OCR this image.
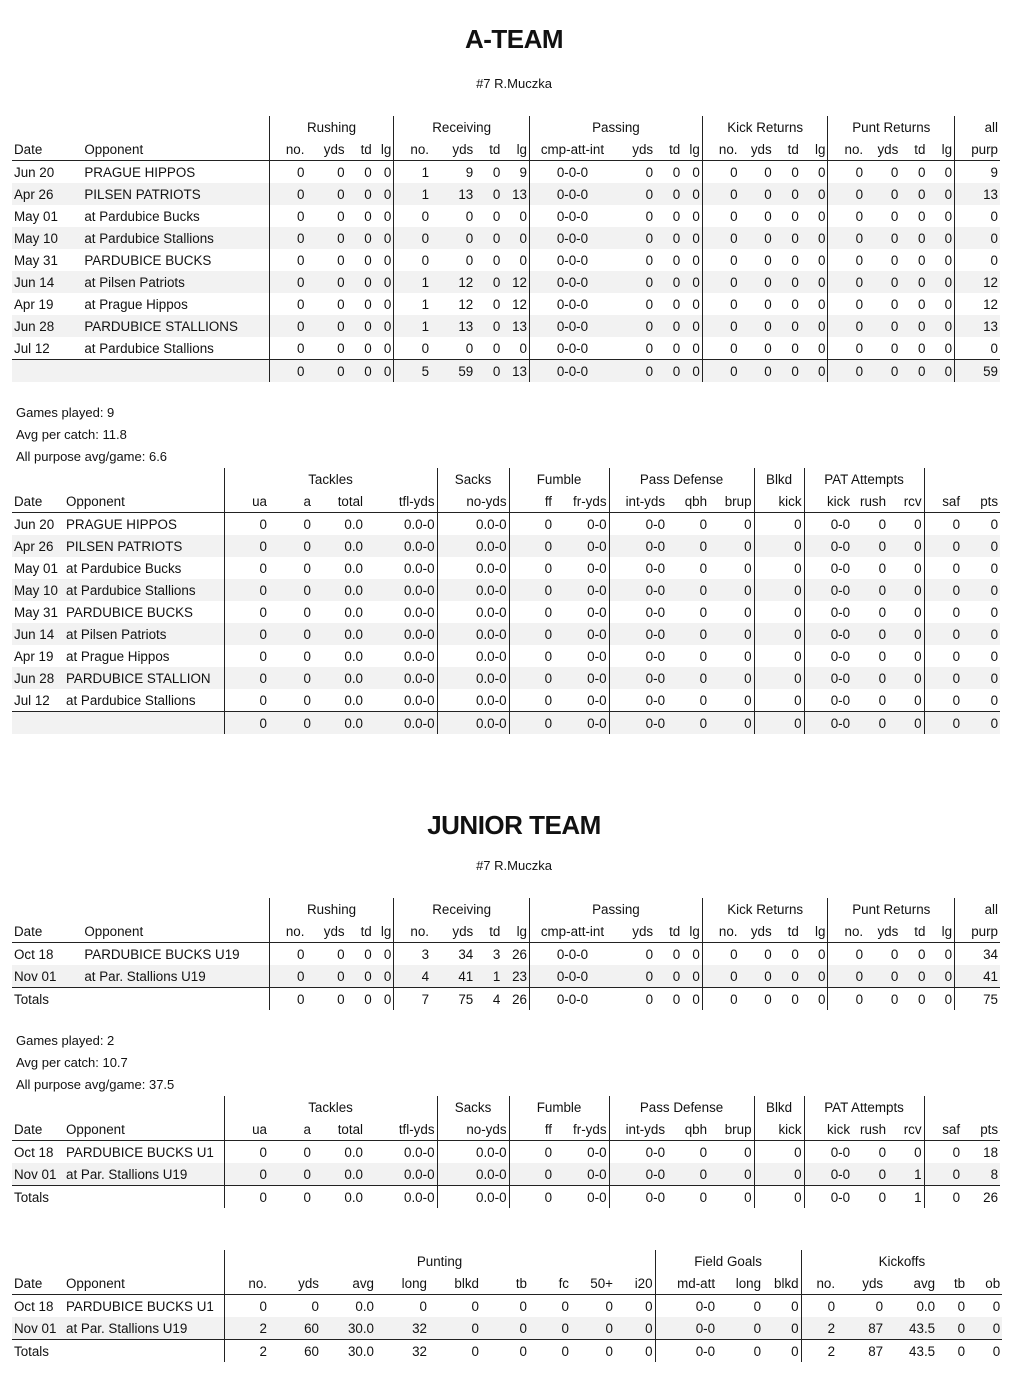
A-TEAM
#7 R.Muczka
		Rushing				Receiving				Passing				Kick Returns				Punt Returns				all
Date	Opponent	no.	yds	td	lg	no.	yds	td	lg	cmp-att-int	yds	td	lg	no.	yds	td	lg	no.	yds	td	lg	purp
Jun 20	PRAGUE HIPPOS	0	0	0	0	1	9	0	9	0-0-0	0	0	0	0	0	0	0	0	0	0	0	9
Apr 26	PILSEN PATRIOTS	0	0	0	0	1	13	0	13	0-0-0	0	0	0	0	0	0	0	0	0	0	0	13
May 01	at Pardubice Bucks	0	0	0	0	0	0	0	0	0-0-0	0	0	0	0	0	0	0	0	0	0	0	0
May 10	at Pardubice Stallions	0	0	0	0	0	0	0	0	0-0-0	0	0	0	0	0	0	0	0	0	0	0	0
May 31	PARDUBICE BUCKS	0	0	0	0	0	0	0	0	0-0-0	0	0	0	0	0	0	0	0	0	0	0	0
Jun 14	at Pilsen Patriots	0	0	0	0	1	12	0	12	0-0-0	0	0	0	0	0	0	0	0	0	0	0	12
Apr 19	at Prague Hippos	0	0	0	0	1	12	0	12	0-0-0	0	0	0	0	0	0	0	0	0	0	0	12
Jun 28	PARDUBICE STALLIONS	0	0	0	0	1	13	0	13	0-0-0	0	0	0	0	0	0	0	0	0	0	0	13
Jul 12	at Pardubice Stallions	0	0	0	0	0	0	0	0	0-0-0	0	0	0	0	0	0	0	0	0	0	0	0
		0	0	0	0	5	59	0	13	0-0-0	0	0	0	0	0	0	0	0	0	0	0	59
Games played: 9
Avg per catch: 11.8
All purpose avg/game: 6.6
		Tackles				Sacks	Fumble		Pass Defense			Blkd	PAT Attempts				
Date	Opponent	ua	a	total	tfl-yds	no-yds	ff	fr-yds	int-yds	qbh	brup	kick	kick	rush	rcv	saf	pts
Jun 20	PRAGUE HIPPOS	0	0	0.0	0.0-0	0.0-0	0	0-0	0-0	0	0	0	0-0	0	0	0	0
Apr 26	PILSEN PATRIOTS	0	0	0.0	0.0-0	0.0-0	0	0-0	0-0	0	0	0	0-0	0	0	0	0
May 01	at Pardubice Bucks	0	0	0.0	0.0-0	0.0-0	0	0-0	0-0	0	0	0	0-0	0	0	0	0
May 10	at Pardubice Stallions	0	0	0.0	0.0-0	0.0-0	0	0-0	0-0	0	0	0	0-0	0	0	0	0
May 31	PARDUBICE BUCKS	0	0	0.0	0.0-0	0.0-0	0	0-0	0-0	0	0	0	0-0	0	0	0	0
Jun 14	at Pilsen Patriots	0	0	0.0	0.0-0	0.0-0	0	0-0	0-0	0	0	0	0-0	0	0	0	0
Apr 19	at Prague Hippos	0	0	0.0	0.0-0	0.0-0	0	0-0	0-0	0	0	0	0-0	0	0	0	0
Jun 28	PARDUBICE STALLION	0	0	0.0	0.0-0	0.0-0	0	0-0	0-0	0	0	0	0-0	0	0	0	0
Jul 12	at Pardubice Stallions	0	0	0.0	0.0-0	0.0-0	0	0-0	0-0	0	0	0	0-0	0	0	0	0
		0	0	0.0	0.0-0	0.0-0	0	0-0	0-0	0	0	0	0-0	0	0	0	0
JUNIOR TEAM
#7 R.Muczka
		Rushing				Receiving				Passing				Kick Returns				Punt Returns				all
Date	Opponent	no.	yds	td	lg	no.	yds	td	lg	cmp-att-int	yds	td	lg	no.	yds	td	lg	no.	yds	td	lg	purp
Oct 18	PARDUBICE BUCKS U19	0	0	0	0	3	34	3	26	0-0-0	0	0	0	0	0	0	0	0	0	0	0	34
Nov 01	at Par. Stallions U19	0	0	0	0	4	41	1	23	0-0-0	0	0	0	0	0	0	0	0	0	0	0	41
Totals		0	0	0	0	7	75	4	26	0-0-0	0	0	0	0	0	0	0	0	0	0	0	75
Games played: 2
Avg per catch: 10.7
All purpose avg/game: 37.5
		Tackles				Sacks	Fumble		Pass Defense			Blkd	PAT Attempts				
Date	Opponent	ua	a	total	tfl-yds	no-yds	ff	fr-yds	int-yds	qbh	brup	kick	kick	rush	rcv	saf	pts
Oct 18	PARDUBICE BUCKS U1	0	0	0.0	0.0-0	0.0-0	0	0-0	0-0	0	0	0	0-0	0	0	0	18
Nov 01	at Par. Stallions U19	0	0	0.0	0.0-0	0.0-0	0	0-0	0-0	0	0	0	0-0	0	1	0	8
Totals		0	0	0.0	0.0-0	0.0-0	0	0-0	0-0	0	0	0	0-0	0	1	0	26
		Punting									Field Goals			Kickoffs				
Date	Opponent	no.	yds	avg	long	blkd	tb	fc	50+	i20	md-att	long	blkd	no.	yds	avg	tb	ob
Oct 18	PARDUBICE BUCKS U1	0	0	0.0	0	0	0	0	0	0	0-0	0	0	0	0	0.0	0	0
Nov 01	at Par. Stallions U19	2	60	30.0	32	0	0	0	0	0	0-0	0	0	2	87	43.5	0	0
Totals		2	60	30.0	32	0	0	0	0	0	0-0	0	0	2	87	43.5	0	0
